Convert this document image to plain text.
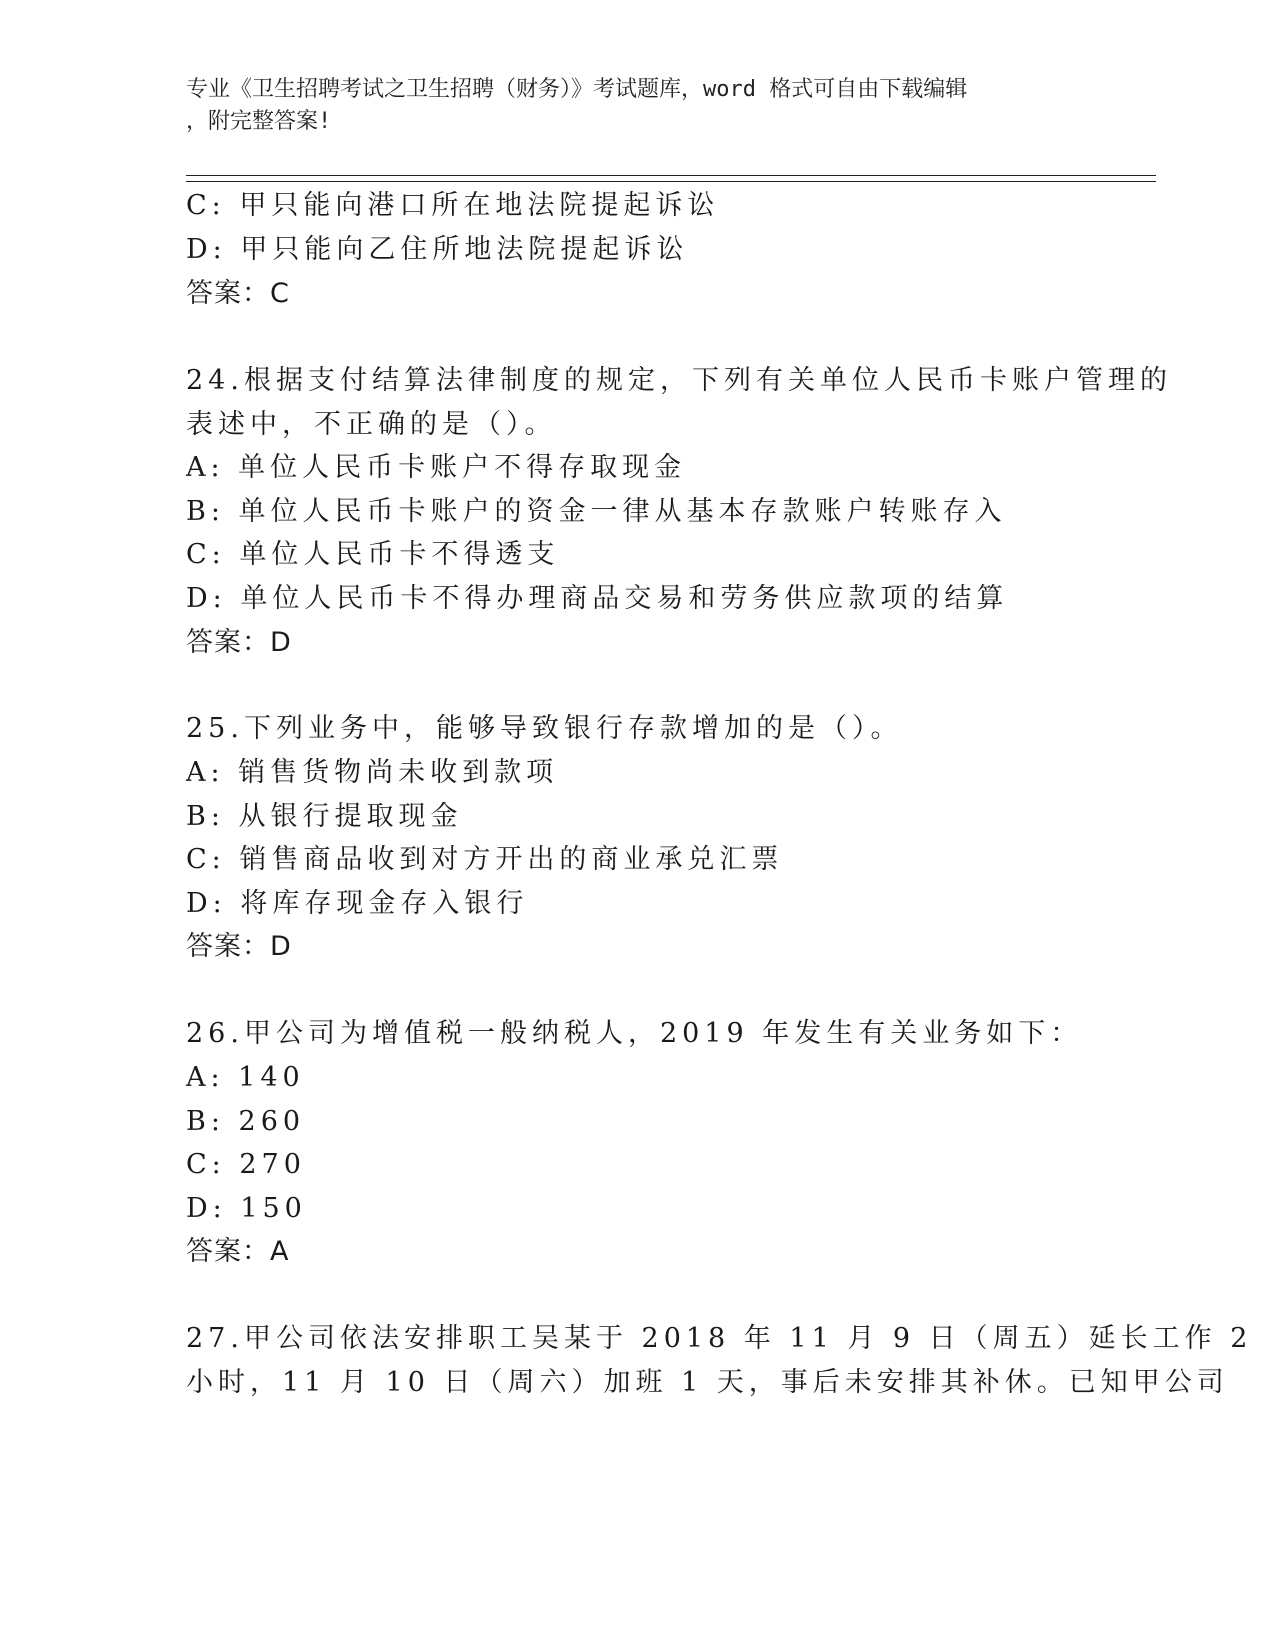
专业《卫生招聘考试之卫生招聘（财务）》考试题库，word 格式可自由下载编辑
，附完整答案!
C: 甲只能向港口所在地法院提起诉讼
D: 甲只能向乙住所地法院提起诉讼
答案：C
24.根据支付结算法律制度的规定，下列有关单位人民币卡账户管理的
表述中，不正确的是（）。
A: 单位人民币卡账户不得存取现金
B: 单位人民币卡账户的资金一律从基本存款账户转账存入
C: 单位人民币卡不得透支
D: 单位人民币卡不得办理商品交易和劳务供应款项的结算
答案：D
25.下列业务中，能够导致银行存款增加的是（）。
A: 销售货物尚未收到款项
B: 从银行提取现金
C: 销售商品收到对方开出的商业承兑汇票
D: 将库存现金存入银行
答案：D
26.甲公司为增值税一般纳税人，2019 年发生有关业务如下：
A: 140
B: 260
C: 270
D: 150
答案：A
27.甲公司依法安排职工吴某于 2018 年 11 月 9 日（周五）延长工作 2
小时，11 月 10 日（周六）加班 1 天，事后未安排其补休。已知甲公司
